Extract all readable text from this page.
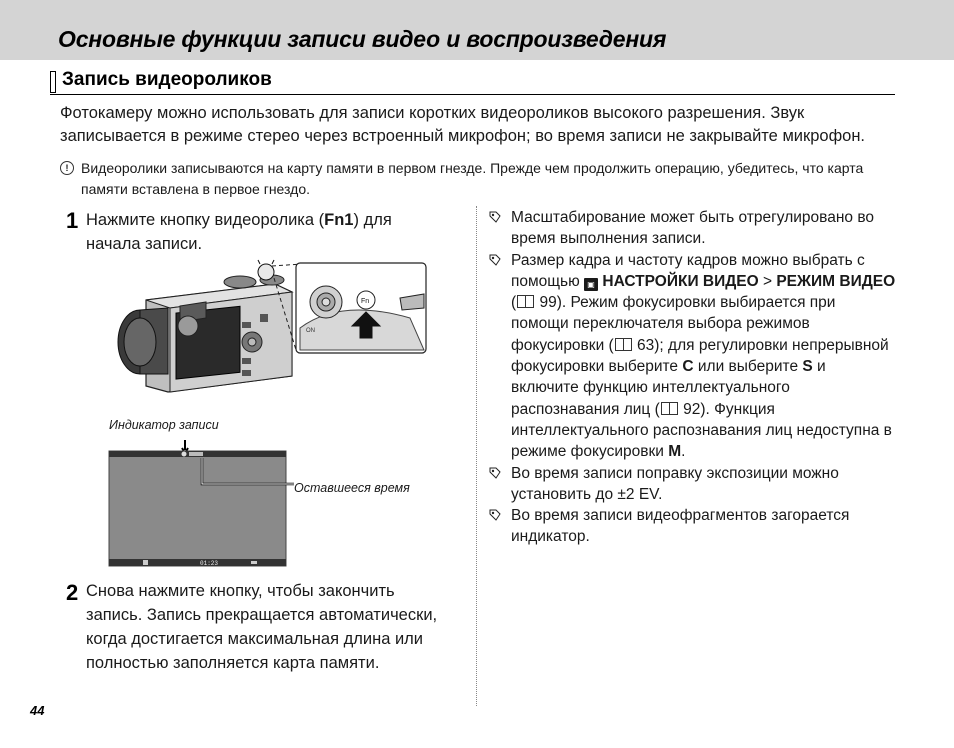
Основные функции записи видео и воспроизведения
Запись видеороликов

Фотокамеру можно использовать для записи коротких видеороликов высокого разрешения. Звук записывается в режиме стерео через встроенный микрофон; во время записи не закрывайте микрофон.

! Видеоролики записываются на карту памяти в первом гнезде. Прежде чем продолжить операцию, убедитесь, что карта памяти вставлена в первое гнездо.

1 Нажмите кнопку видеоролика (Fn1) для начала записи.

Fn
ON
Индикатор записи
01:23
Оставшееся время
2 Снова нажмите кнопку, чтобы закончить запись. Запись прекращается автоматически, когда достигается максимальная длина или полностью заполняется карта памяти.

Масштабирование может быть отрегулировано во время выполнения записи.
Размер кадра и частоту кадров можно выбрать с помощью ▣ НАСТРОЙКИ ВИДЕО > РЕЖИМ ВИДЕО ( 99). Режим фокусировки выбирается при помощи переключателя выбора режимов фокусировки ( 63); для регулировки непрерывной фокусировки выберите C или выберите S и включите функцию интеллектуального распознавания лиц ( 92). Функция интеллектуального распознавания лиц недоступна в режиме фокусировки M.
Во время записи поправку экспозиции можно установить до ±2 EV.
Во время записи видеофрагментов загорается индикатор.
44
